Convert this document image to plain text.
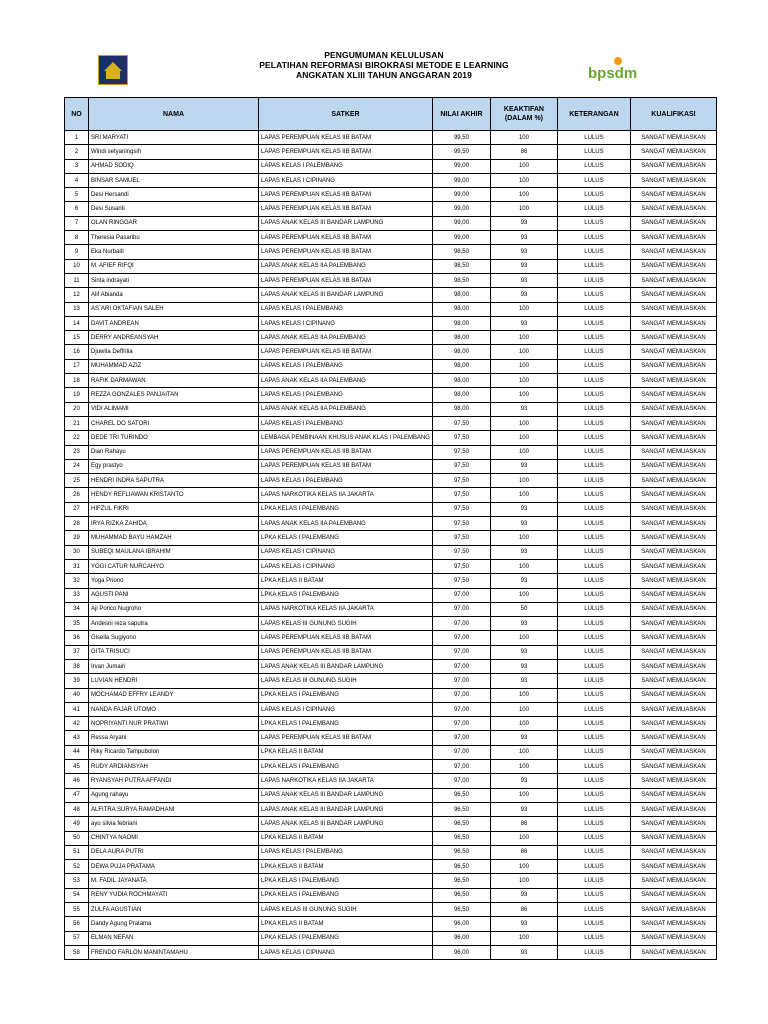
PENGUMUMAN KELULUSAN
PELATIHAN REFORMASI BIROKRASI METODE E LEARNING
ANGKATAN XLIII TAHUN ANGGARAN 2019	bpsdm
NO	NAMA	SATKER	NILAI AKHIR	KEAKTIFAN (DALAM %)	KETERANGAN	KUALIFIKASI
1	SRI MARYATI	LAPAS PEREMPUAN KELAS IIB BATAM	99,50	100	LULUS	SANGAT MEMUASKAN
2	Windi setyaningsih	LAPAS PEREMPUAN KELAS IIB BATAM	99,50	86	LULUS	SANGAT MEMUASKAN
3	AHMAD SODIQ	LAPAS KELAS I PALEMBANG	99,00	100	LULUS	SANGAT MEMUASKAN
4	BINSAR SAMUEL	LAPAS KELAS I CIPINANG	99,00	100	LULUS	SANGAT MEMUASKAN
5	Desi Hersandi	LAPAS PEREMPUAN KELAS IIB BATAM	99,00	100	LULUS	SANGAT MEMUASKAN
6	Desi Susanti	LAPAS PEREMPUAN KELAS IIB BATAM	99,00	100	LULUS	SANGAT MEMUASKAN
7	OLAN RINGGAR	LAPAS ANAK KELAS III BANDAR LAMPUNG	99,00	93	LULUS	SANGAT MEMUASKAN
8	Theresia Pasaribu	LAPAS PEREMPUAN KELAS IIB BATAM	99,00	93	LULUS	SANGAT MEMUASKAN
9	Eka Nurbaiti	LAPAS PEREMPUAN KELAS IIB BATAM	98,50	93	LULUS	SANGAT MEMUASKAN
10	M. AFIEF RIFQI	LAPAS ANAK KELAS IIA PALEMBANG	98,50	93	LULUS	SANGAT MEMUASKAN
11	Sinta indrayati	LAPAS PEREMPUAN KELAS IIB BATAM	98,50	93	LULUS	SANGAT MEMUASKAN
12	Alif Abianda	LAPAS ANAK KELAS III BANDAR LAMPUNG	98,00	93	LULUS	SANGAT MEMUASKAN
13	AS`ARI OKTAFIAN SALEH	LAPAS KELAS I PALEMBANG	98,00	100	LULUS	SANGAT MEMUASKAN
14	DAVIT ANDREAN	LAPAS KELAS I CIPINANG	98,00	93	LULUS	SANGAT MEMUASKAN
15	DERRY ANDREANSYAH	LAPAS ANAK KELAS IIA PALEMBANG	98,00	100	LULUS	SANGAT MEMUASKAN
16	Djuwita Deffrilia	LAPAS PEREMPUAN KELAS IIB BATAM	98,00	100	LULUS	SANGAT MEMUASKAN
17	MUHAMMAD AZIZ	LAPAS KELAS I PALEMBANG	98,00	100	LULUS	SANGAT MEMUASKAN
18	RAFIK DARMAWAN	LAPAS ANAK KELAS IIA PALEMBANG	98,00	100	LULUS	SANGAT MEMUASKAN
19	REZZA GONZALES PANJAITAN	LAPAS KELAS I PALEMBANG	98,00	100	LULUS	SANGAT MEMUASKAN
20	VIDI ALIMAMI	LAPAS ANAK KELAS IIA PALEMBANG	98,00	93	LULUS	SANGAT MEMUASKAN
21	CHAREL DO SATORI	LAPAS KELAS I PALEMBANG	97,50	100	LULUS	SANGAT MEMUASKAN
22	DEDE TRI TURINDO	LEMBAGA PEMBINAAN KHUSUS ANAK KLAS I PALEMBANG	97,50	100	LULUS	SANGAT MEMUASKAN
23	Dian Rahayu	LAPAS PEREMPUAN KELAS IIB BATAM	97,50	100	LULUS	SANGAT MEMUASKAN
24	Egy prastyo	LAPAS PEREMPUAN KELAS IIB BATAM	97,50	93	LULUS	SANGAT MEMUASKAN
25	HENDRI INDRA SAPUTRA	LAPAS KELAS I PALEMBANG	97,50	100	LULUS	SANGAT MEMUASKAN
26	HENDY REFLIAWAN KRISTANTO	LAPAS NARKOTIKA KELAS IIA JAKARTA	97,50	100	LULUS	SANGAT MEMUASKAN
27	HIFZUL FIKRI	LPKA KELAS I PALEMBANG	97,50	93	LULUS	SANGAT MEMUASKAN
28	IRYA RIZKA ZAHIDA	LAPAS ANAK KELAS IIA PALEMBANG	97,50	93	LULUS	SANGAT MEMUASKAN
29	MUHAMMAD BAYU HAMZAH	LPKA KELAS I PALEMBANG	97,50	100	LULUS	SANGAT MEMUASKAN
30	SUBEQI MAULANA IBRAHIM	LAPAS KELAS I CIPINANG	97,50	93	LULUS	SANGAT MEMUASKAN
31	YOGI CATUR NURCAHYO	LAPAS KELAS I CIPINANG	97,50	100	LULUS	SANGAT MEMUASKAN
32	Yoga Priono	LPKA KELAS II BATAM	97,50	93	LULUS	SANGAT MEMUASKAN
33	AGUSTI PANI	LPKA KELAS I PALEMBANG	97,00	100	LULUS	SANGAT MEMUASKAN
34	Aji Ponco Nugroho	LAPAS NARKOTIKA KELAS IIA JAKARTA	97,00	50	LULUS	SANGAT MEMUASKAN
35	Andesni reza saputra	LAPAS KELAS III GUNUNG SUGIH	97,00	93	LULUS	SANGAT MEMUASKAN
36	Gisella Sugiyono	LAPAS PEREMPUAN KELAS IIB BATAM	97,00	100	LULUS	SANGAT MEMUASKAN
37	GITA TRISUCI	LAPAS PEREMPUAN KELAS IIB BATAM	97,00	93	LULUS	SANGAT MEMUASKAN
38	Irvan Jumairi	LAPAS ANAK KELAS III BANDAR LAMPUNG	97,00	93	LULUS	SANGAT MEMUASKAN
39	LUVIAN HENDRI	LAPAS KELAS III GUNUNG SUGIH	97,00	93	LULUS	SANGAT MEMUASKAN
40	MOCHAMAD EFFRY LEANDY	LPKA KELAS I PALEMBANG	97,00	100	LULUS	SANGAT MEMUASKAN
41	NANDA FAJAR UTOMO	LAPAS KELAS I CIPINANG	97,00	100	LULUS	SANGAT MEMUASKAN
42	NOPRIYANTI NUR PRATIWI	LPKA KELAS I PALEMBANG	97,00	100	LULUS	SANGAT MEMUASKAN
43	Ressa Aryani	LAPAS PEREMPUAN KELAS IIB BATAM	97,00	93	LULUS	SANGAT MEMUASKAN
44	Riky Ricardo Tampubolon	LPKA KELAS II BATAM	97,00	100	LULUS	SANGAT MEMUASKAN
45	RUDY ARDIANSYAH	LPKA KELAS I PALEMBANG	97,00	100	LULUS	SANGAT MEMUASKAN
46	RYANSYAH PUTRA AFFANDI	LAPAS NARKOTIKA KELAS IIA JAKARTA	97,00	93	LULUS	SANGAT MEMUASKAN
47	Agung rahayu	LAPAS ANAK KELAS III BANDAR LAMPUNG	96,50	100	LULUS	SANGAT MEMUASKAN
48	ALFITRA SURYA RAMADHANI	LAPAS ANAK KELAS III BANDAR LAMPUNG	96,50	93	LULUS	SANGAT MEMUASKAN
49	ayu silvia febriani	LAPAS ANAK KELAS III BANDAR LAMPUNG	96,50	86	LULUS	SANGAT MEMUASKAN
50	CHINTYA NAOMI	LPKA KELAS II BATAM	96,50	100	LULUS	SANGAT MEMUASKAN
51	DELA AURA PUTRI	LAPAS KELAS I PALEMBANG	96,50	86	LULUS	SANGAT MEMUASKAN
52	DEWA PUJA PRATAMA	LPKA KELAS II BATAM	96,50	100	LULUS	SANGAT MEMUASKAN
53	M. FADIL JAYANATA	LPKA KELAS I PALEMBANG	96,50	100	LULUS	SANGAT MEMUASKAN
54	RENY YUDIA ROCHMAYATI	LPKA KELAS I PALEMBANG	96,50	93	LULUS	SANGAT MEMUASKAN
55	ZULFA AGUSTIAN	LAPAS KELAS III GUNUNG SUGIH	96,50	86	LULUS	SANGAT MEMUASKAN
56	Dandy Agung Pratama	LPKA KELAS II BATAM	96,00	93	LULUS	SANGAT MEMUASKAN
57	ELMAN NEFAN	LPKA KELAS I PALEMBANG	96,00	100	LULUS	SANGAT MEMUASKAN
58	FRENDO FARLON MANINTAMAHU	LAPAS KELAS I CIPINANG	96,00	93	LULUS	SANGAT MEMUASKAN
